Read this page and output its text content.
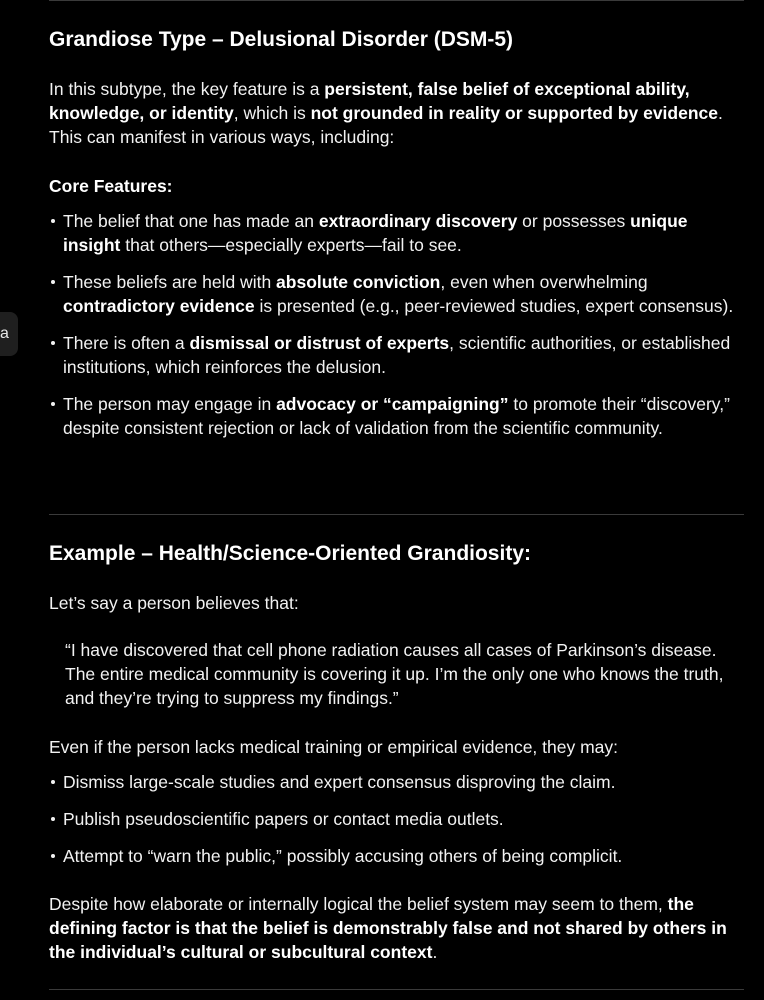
a
Grandiose Type – Delusional Disorder (DSM-5)

In this subtype, the key feature is a persistent, false belief of exceptional ability, knowledge, or identity, which is not grounded in reality or supported by evidence. This can manifest in various ways, including:

Core Features:
The belief that one has made an extraordinary discovery or possesses unique insight that others—especially experts—fail to see.
These beliefs are held with absolute conviction, even when overwhelming contradictory evidence is presented (e.g., peer-reviewed studies, expert consensus).
There is often a dismissal or distrust of experts, scientific authorities, or established institutions, which reinforces the delusion.
The person may engage in advocacy or “campaigning” to promote their “discovery,” despite consistent rejection or lack of validation from the scientific community.
Example – Health/Science-Oriented Grandiosity:

Let’s say a person believes that:

“I have discovered that cell phone radiation causes all cases of Parkinson’s disease. The entire medical community is covering it up. I’m the only one who knows the truth, and they’re trying to suppress my findings.”

Even if the person lacks medical training or empirical evidence, they may:

Dismiss large-scale studies and expert consensus disproving the claim.
Publish pseudoscientific papers or contact media outlets.
Attempt to “warn the public,” possibly accusing others of being complicit.

Despite how elaborate or internally logical the belief system may seem to them, the defining factor is that the belief is demonstrably false and not shared by others in the individual’s cultural or subcultural context.
